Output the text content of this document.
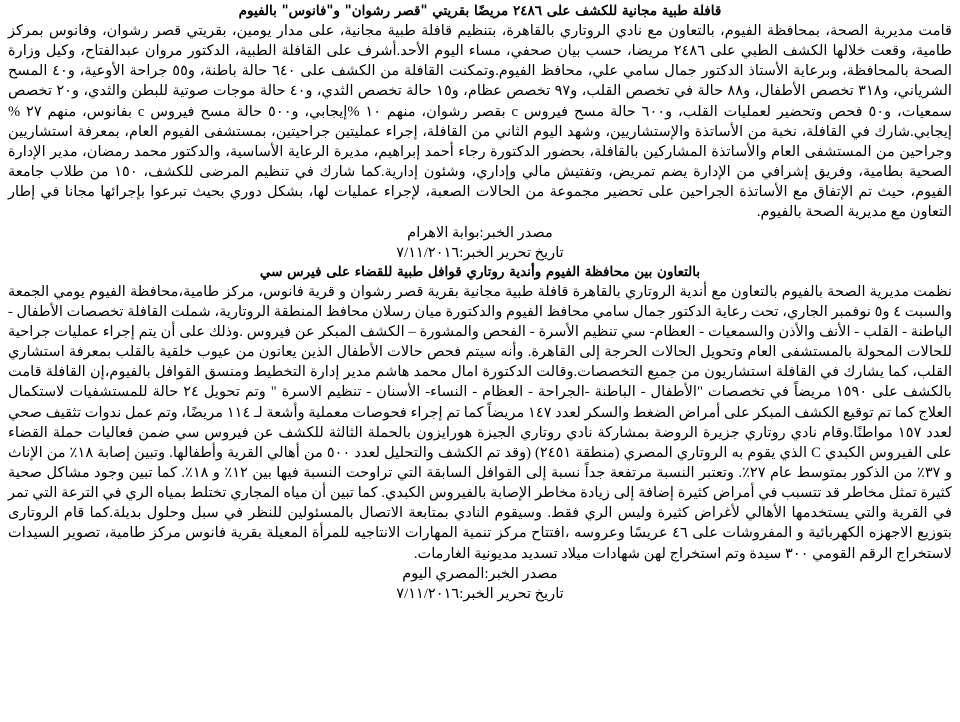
قافلة طبية مجانية للكشف على ٢٤٨٦ مريضًا بقريتي "قصر رشوان" و"فانوس" بالفيوم

قامت مديرية الصحة، بمحافظة الفيوم، بالتعاون مع نادي الروتاري بالقاهرة، بتنظيم قافلة طبية مجانية، على مدار يومين، بقريتي قصر رشوان، وفانوس بمركز طامية، وقعت خلالها الكشف الطبي على ٢٤٨٦ مريضا، حسب بيان صحفي، مساء اليوم الأحد.أشرف على القافلة الطبية، الدكتور مروان عبدالفتاح، وكيل وزارة الصحة بالمحافظة، وبرعاية الأستاذ الدكتور جمال سامي علي، محافظ الفيوم.وتمكنت القافلة من الكشف على ٦٤٠ حالة باطنة، و٥٥ جراحة الأوعية، و٤٠ المسح الشرياني، و٣١٨ تخصص الأطفال، و٨٨ حالة في تخصص القلب، و٩٧ تخصص عظام، و١٥ حالة تخصص الثدي، و٤٠ حالة موجات صوتية للبطن والثدي، و٢٠ تخصص سمعيات، و٥٠ فحص وتحضير لعمليات القلب، و٦٠٠ حالة مسح فيروس c بقصر رشوان، منهم ١٠ %إيجابي، و٥٠٠ حالة مسح فيروس c بفانوس، منهم ٢٧ % إيجابي.شارك في القافلة، نخبة من الأساتذة والإستشاريين، وشهد اليوم الثاني من القافلة، إجراء عمليتين جراحيتين، بمستشفى الفيوم العام، بمعرفة استشاريين وجراحين من المستشفى العام والأساتذة المشاركين بالقافلة، بحضور الدكتورة رجاء أحمد إبراهيم، مديرة الرعاية الأساسية، والدكتور محمد رمضان، مدير الإدارة الصحية بطامية، وفريق إشرافي من الإدارة يضم تمريض، وتفتيش مالي وإداري، وشئون إدارية.كما شارك في تنظيم المرضى للكشف، ١٥٠ من طلاب جامعة الفيوم، حيث تم الإتفاق مع الأساتذة الجراحين على تحضير مجموعة من الحالات الصعبة، لإجراء عمليات لها، بشكل دوري بحيث تبرعوا بإجرائها مجانا في إطار التعاون مع مديرية الصحة بالفيوم.

مصدر الخبر:بوابة الاهرام

تاريخ تحرير الخبر:٧/١١/٢٠١٦

بالتعاون بين محافظة الفيوم وأندية روتاري قوافل طبية للقضاء على فيرس سي

نظمت مديرية الصحة بالفيوم بالتعاون مع أندية الروتاري بالقاهرة قافلة طبية مجانية بقرية قصر رشوان و قرية فانوس، مركز طامية،محافظة الفيوم يومي الجمعة والسبت ٤ و٥ نوفمبر الجاري، تحت رعاية الدكتور جمال سامي محافظ الفيوم والدكتورة ميان رسلان محافظ المنطقة الروتارية، شملت القافلة تخصصات الأطفال - الباطنة - القلب - الأنف والأذن والسمعيات - العظام- سي تنظيم الأسرة - الفحص والمشورة – الكشف المبكر عن فيروس .وذلك على أن يتم إجراء عمليات جراحية للحالات المحولة بالمستشفى العام وتحويل الحالات الحرجة إلى القاهرة. وأنه سيتم فحص حالات الأطفال الذين يعانون من عيوب خلقية بالقلب بمعرفة استشاري القلب، كما يشارك في القافلة استشاريون من جميع التخصصات.وقالت الدكتورة امال محمد هاشم مدير إدارة التخطيط ومنسق القوافل بالفيوم،إن القافلة قامت بالكشف على ١٥٩٠ مريضاً في تخصصات "الأطفال - الباطنة -الجراحة - العظام - النساء- الأسنان - تنظيم الاسرة " وتم تحويل ٢٤ حالة للمستشفيات لاستكمال العلاج كما تم توقيع الكشف المبكر على أمراض الضغط والسكر لعدد ١٤٧ مريضاً كما تم إجراء فحوصات معملية وأشعة لـ ١١٤ مريضًا، وتم عمل ندوات تثقيف صحي لعدد ١٥٧ مواطنًا.وقام نادي روتاري جزيرة الروضة بمشاركة نادي روتاري الجيزة هورايزون بالحملة الثالثة للكشف عن فيروس سي ضمن فعاليات حملة القضاء على الفيروس الكبدي C الذي يقوم به الروتاري المصري (منطقة ٢٤٥١) (وقد تم الكشف والتحليل لعدد ٥٠٠ من أهالي القرية وأطفالها. وتبين إصابة ١٨٪ من الإناث و ٣٧٪ من الذكور بمتوسط عام ٢٧٪. وتعتبر النسبة مرتفعة جداً نسبة إلى القوافل السابقة التي تراوحت النسبة فيها بين ١٢٪ و ١٨٪. كما تبين وجود مشاكل صحية كثيرة تمثل مخاطر قد تتسبب في أمراض كثيرة إضافة إلى زيادة مخاطر الإصابة بالفيروس الكبدي. كما تبين أن مياه المجاري تختلط بمياه الري في الترعة التي تمر في القرية والتي يستخدمها الأهالي لأغراض كثيرة وليس الري فقط. وسيقوم النادي بمتابعة الاتصال بالمسئولين للنظر في سبل وحلول بديلة.كما قام الروتارى بتوزيع الاجهزه الكهربائية و المفروشات على ٤٦ عريسًا وعروسه ،افتتاح مركز تنمية المهارات الانتاجيه للمرأة المعيلة بقرية فانوس مركز طامية، تصوير السيدات لاستخراج الرقم القومي ٣٠٠ سيدة وتم استخراج لهن شهادات ميلاد تسديد مديونية الغارمات.

مصدر الخبر:المصري اليوم

تاريخ تحرير الخبر:٧/١١/٢٠١٦
